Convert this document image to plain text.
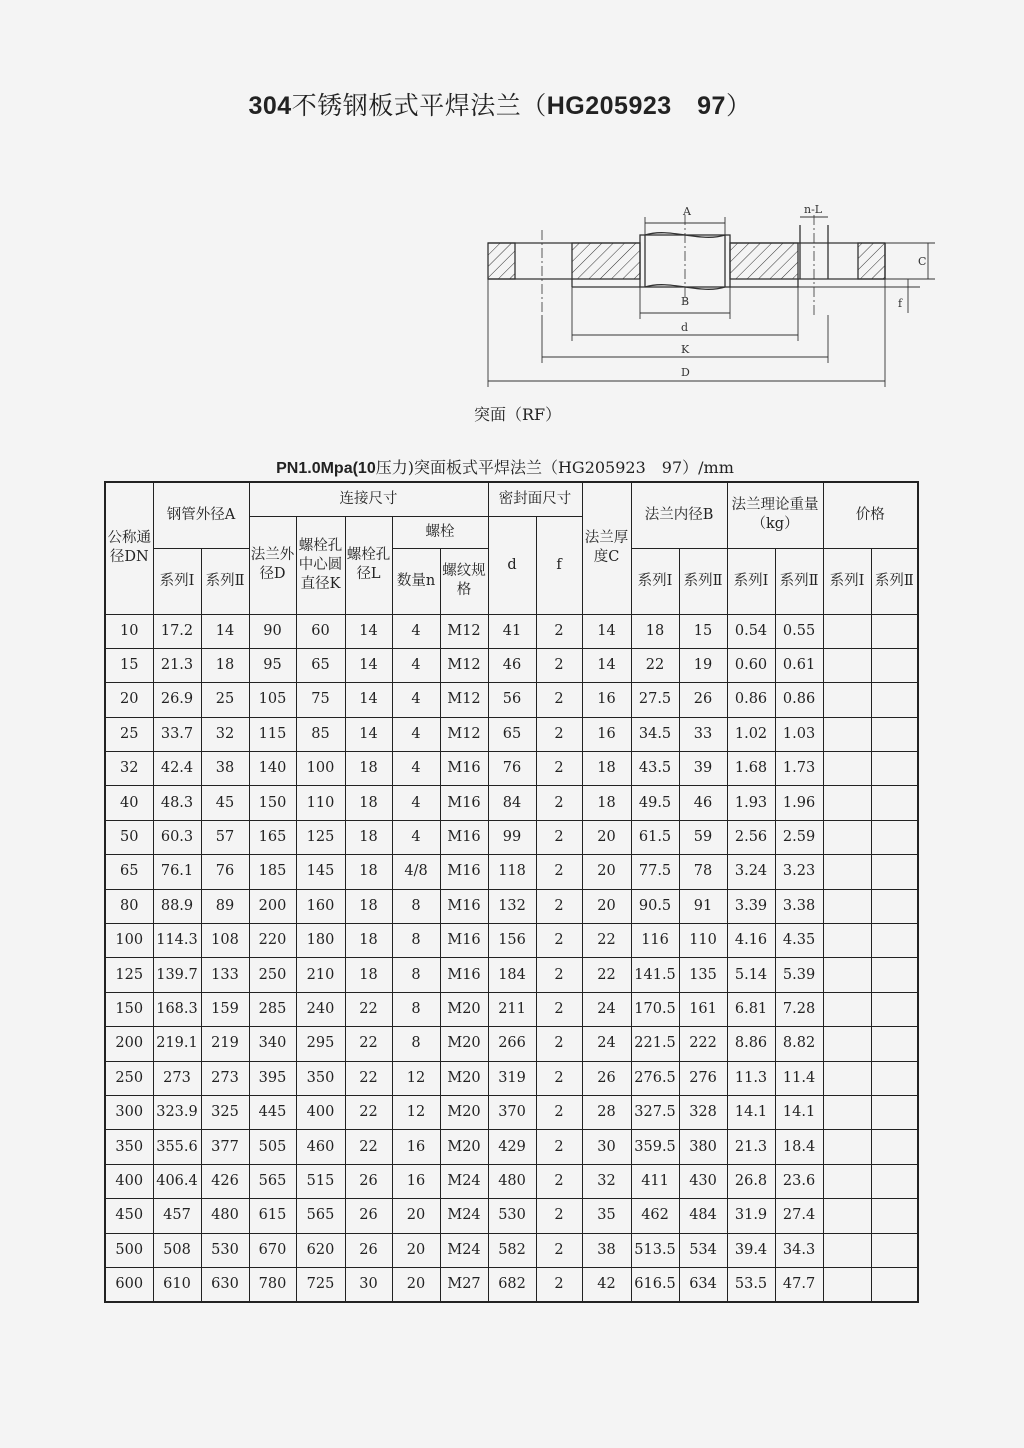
304不锈钢板式平焊法兰（HG205923　97）
A	n-L
C
f
B
d
K
D
突面（RF）
PN1.0Mpa(10压力)突面板式平焊法兰（HG205923　97）/mm
公称通径DN	钢管外径A		连接尺寸					密封面尺寸		法兰厚度C	法兰内径B		法兰理论重量（kg）		价格	
			法兰外径D	螺栓孔中心圆直径K	螺栓孔径L	螺栓		d	f							
	系列Ⅰ	系列Ⅱ				数量n	螺纹规格				系列Ⅰ	系列Ⅱ	系列Ⅰ	系列Ⅱ	系列Ⅰ	系列Ⅱ
10	17.2	14	90	60	14	4	M12	41	2	14	18	15	0.54	0.55		
15	21.3	18	95	65	14	4	M12	46	2	14	22	19	0.60	0.61		
20	26.9	25	105	75	14	4	M12	56	2	16	27.5	26	0.86	0.86		
25	33.7	32	115	85	14	4	M12	65	2	16	34.5	33	1.02	1.03		
32	42.4	38	140	100	18	4	M16	76	2	18	43.5	39	1.68	1.73		
40	48.3	45	150	110	18	4	M16	84	2	18	49.5	46	1.93	1.96		
50	60.3	57	165	125	18	4	M16	99	2	20	61.5	59	2.56	2.59		
65	76.1	76	185	145	18	4/8	M16	118	2	20	77.5	78	3.24	3.23		
80	88.9	89	200	160	18	8	M16	132	2	20	90.5	91	3.39	3.38		
100	114.3	108	220	180	18	8	M16	156	2	22	116	110	4.16	4.35		
125	139.7	133	250	210	18	8	M16	184	2	22	141.5	135	5.14	5.39		
150	168.3	159	285	240	22	8	M20	211	2	24	170.5	161	6.81	7.28		
200	219.1	219	340	295	22	8	M20	266	2	24	221.5	222	8.86	8.82		
250	273	273	395	350	22	12	M20	319	2	26	276.5	276	11.3	11.4		
300	323.9	325	445	400	22	12	M20	370	2	28	327.5	328	14.1	14.1		
350	355.6	377	505	460	22	16	M20	429	2	30	359.5	380	21.3	18.4		
400	406.4	426	565	515	26	16	M24	480	2	32	411	430	26.8	23.6		
450	457	480	615	565	26	20	M24	530	2	35	462	484	31.9	27.4		
500	508	530	670	620	26	20	M24	582	2	38	513.5	534	39.4	34.3		
600	610	630	780	725	30	20	M27	682	2	42	616.5	634	53.5	47.7		
